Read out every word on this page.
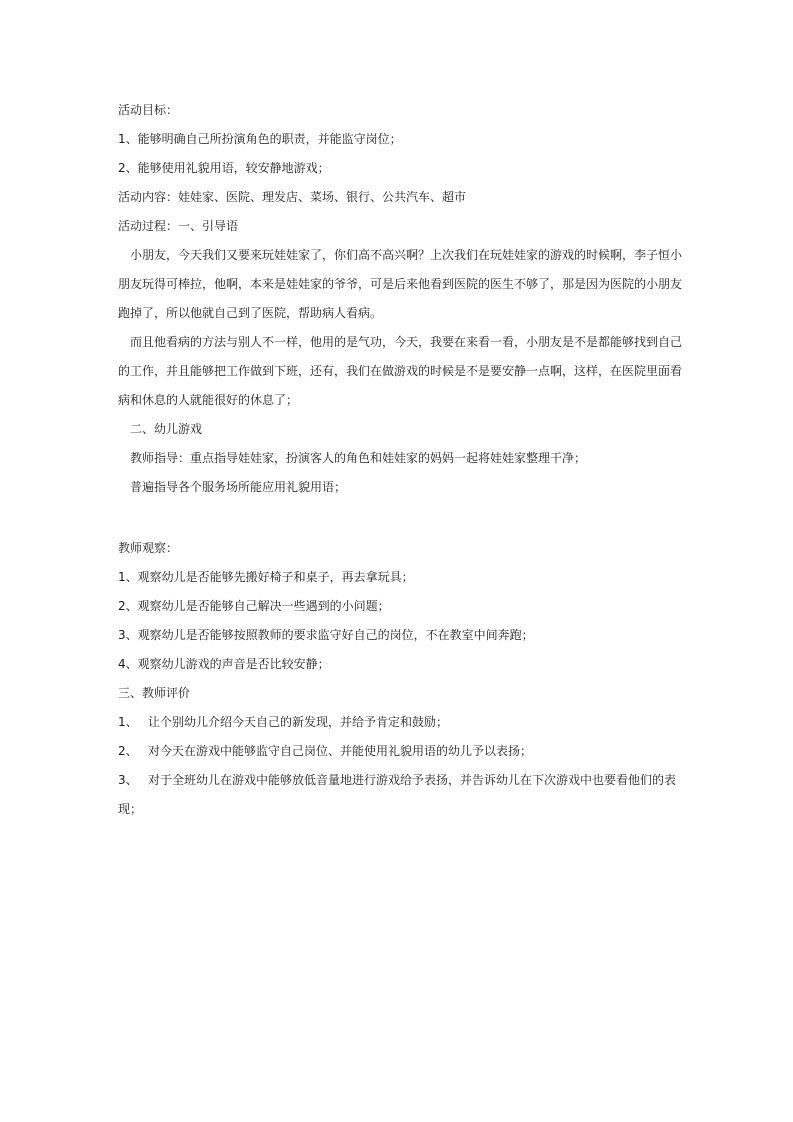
活动目标：
1、能够明确自己所扮演角色的职责，并能监守岗位；
2、能够使用礼貌用语，较安静地游戏；
活动内容：娃娃家、医院、理发店、菜场、银行、公共汽车、超市
活动过程：一、引导语
小朋友，今天我们又要来玩娃娃家了，你们高不高兴啊？上次我们在玩娃娃家的游戏的时候啊，李子恒小朋友玩得可棒拉，他啊，本来是娃娃家的爷爷，可是后来他看到医院的医生不够了，那是因为医院的小朋友跑掉了，所以他就自己到了医院，帮助病人看病。
而且他看病的方法与别人不一样，他用的是气功，今天，我要在来看一看，小朋友是不是都能够找到自己的工作，并且能够把工作做到下班，还有，我们在做游戏的时候是不是要安静一点啊，这样，在医院里面看病和休息的人就能很好的休息了；
二、幼儿游戏
教师指导：重点指导娃娃家，扮演客人的角色和娃娃家的妈妈一起将娃娃家整理干净；
普遍指导各个服务场所能应用礼貌用语；
教师观察：
1、观察幼儿是否能够先搬好椅子和桌子，再去拿玩具；
2、观察幼儿是否能够自己解决一些遇到的小问题；
3、观察幼儿是否能够按照教师的要求监守好自己的岗位，不在教室中间奔跑；
4、观察幼儿游戏的声音是否比较安静；
三、教师评价
1、 让个别幼儿介绍今天自己的新发现，并给予肯定和鼓励；
2、 对今天在游戏中能够监守自己岗位、并能使用礼貌用语的幼儿予以表扬；
3、 对于全班幼儿在游戏中能够放低音量地进行游戏给予表扬，并告诉幼儿在下次游戏中也要看他们的表现；
